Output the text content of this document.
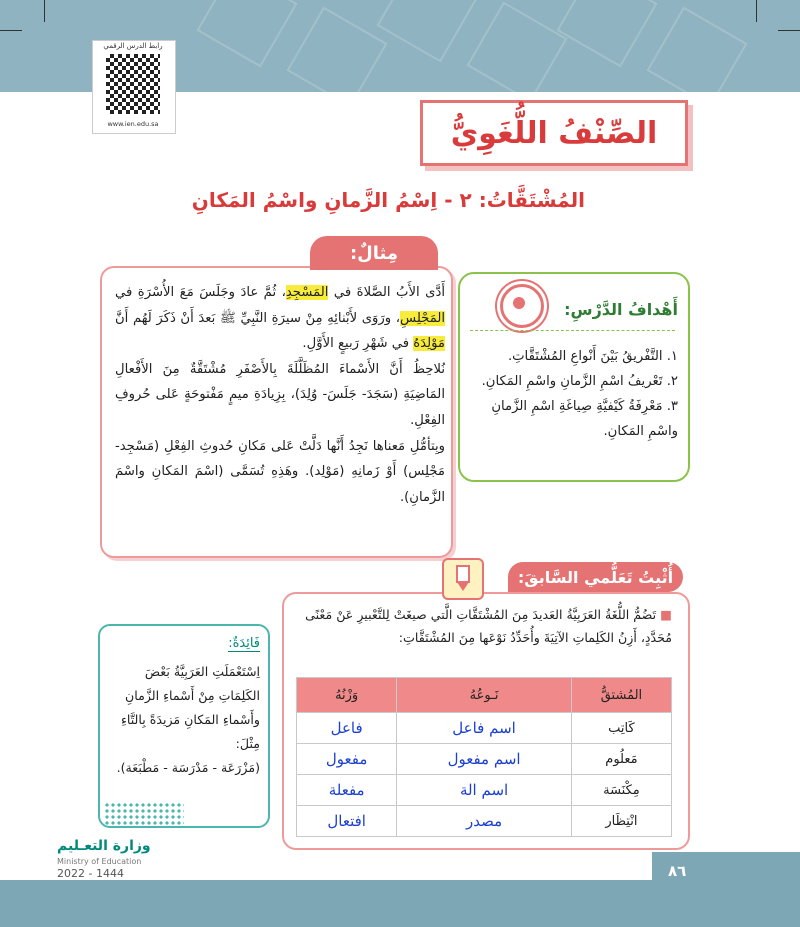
رابط الدرس الرقمي
www.ien.edu.sa	الصِّنْفُ اللُّغَوِيُّ
المُشْتَقَّاتُ: ٢ - اِسْمُ الزَّمانِ واسْمُ المَكانِ
مِثالٌ:

أَدَّى الأَبُ الصَّلاةَ في المَسْجِدِ، ثُمَّ عادَ وجَلَسَ مَعَ الأُسْرَةِ في المَجْلِسِ، ورَوَى لأَبْنائِهِ مِنْ سيرَةِ النَّبِيِّ ﷺ بَعدَ أَنْ ذَكَرَ لَهُم أَنَّ مَوْلِدَهُ في شَهْرِ رَبيعٍ الأَوَّلِ.

نُلاحِظُ أَنَّ الأَسْماءَ المُظَلَّلَةَ بِالأَصْفَرِ مُشْتَقَّةٌ مِنَ الأَفْعالِ المَاضِيَةِ (سَجَدَ- جَلَسَ- وُلِدَ)، بِزِيادَةِ ميمٍ مَفْتوحَةٍ عَلى حُروفِ الفِعْلِ.

وبِتأمُّلِ مَعناها نَجِدُ أَنَّها دَلَّتْ عَلى مَكانِ حُدوثِ الفِعْلِ (مَسْجِد-مَجْلِس) أَوْ زَمانِهِ (مَوْلِد). وهَذِهِ تُسَمَّى (اسْمَ المَكانِ واسْمَ الزَّمانِ).

أَهْدافُ الدَّرْسِ:
١. التَّفْريقُ بَيْنَ أَنْواعِ المُشْتَقَّاتِ.
٢. تَعْريفُ اسْمِ الزَّمانِ واسْمِ المَكانِ.
٣. مَعْرِفَةُ كَيْفيَّةِ صِياغَةِ اسْمِ الزَّمانِ واسْمِ المَكانِ.
أُثْبِتُ تَعَلُّمي السَّابقَ:
■ تَضُمُّ اللُّغَةُ العَرَبِيَّةُ العَديدَ مِنَ المُشْتَقَّاتِ الَّتي صيغَتْ لِلتَّعْبيرِ عَنْ مَعْنًى مُحَدَّدٍ، أَزِنُ الكَلِماتِ الآتِيَةَ وأُحَدِّدُ نَوْعَها مِنَ المُشْتَقَّاتِ:
المُشتقُّ	نَـوعُهُ	وَزْنُهُ
كَاتِب	اسم فاعل	فاعل
مَعلُوم	اسم مفعول	مفعول
مِكْنَسَة	اسم الة	مفعلة
انْتِظَار	مصدر	افتعال
فَائِدَةٌ:
اِسْتَعْمَلَتِ العَرَبِيَّةُ بَعْضَ الكَلِمَاتِ مِنْ أَسْماءِ الزَّمانِ وأَسْماءِ المَكانِ مَزيدَةً بِالتَّاءِ مِثْلَ:
(مَزْرَعَة - مَدْرَسَة - مَطْبَعَة).
وزارة التعـليم
Ministry of Education
2022 - 1444	٨٦
